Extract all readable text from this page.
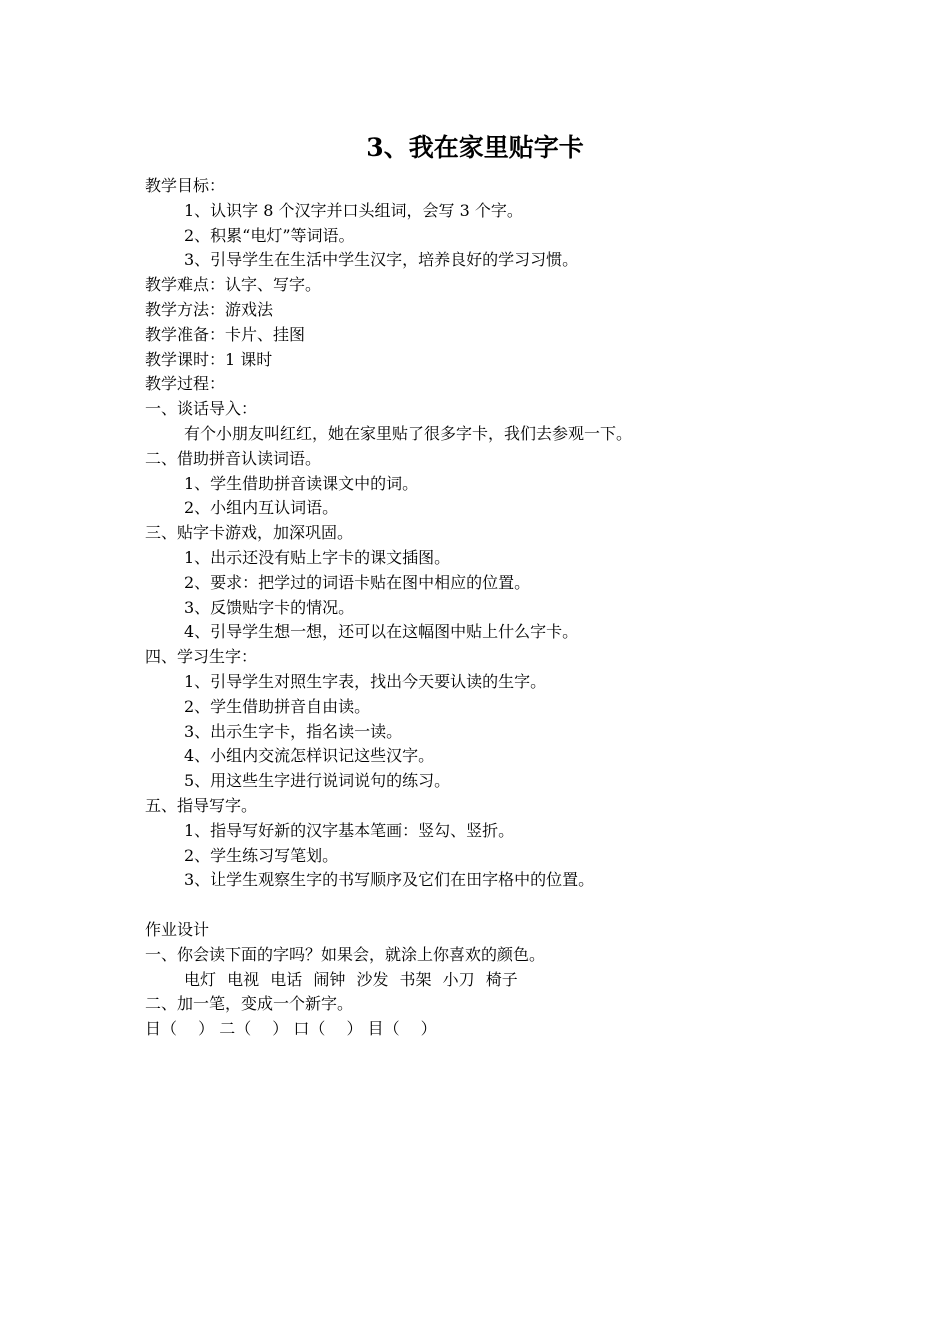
3、我在家里贴字卡
教学目标：
1、认识字 8 个汉字并口头组词，会写 3 个字。
2、积累“电灯”等词语。
3、引导学生在生活中学生汉字，培养良好的学习习惯。
教学难点：认字、写字。
教学方法：游戏法
教学准备：卡片、挂图
教学课时：1 课时
教学过程：
一、谈话导入：
有个小朋友叫红红，她在家里贴了很多字卡，我们去参观一下。
二、借助拼音认读词语。
1、学生借助拼音读课文中的词。
2、小组内互认词语。
三、贴字卡游戏，加深巩固。
1、出示还没有贴上字卡的课文插图。
2、要求：把学过的词语卡贴在图中相应的位置。
3、反馈贴字卡的情况。
4、引导学生想一想，还可以在这幅图中贴上什么字卡。
四、学习生字：
1、引导学生对照生字表，找出今天要认读的生字。
2、学生借助拼音自由读。
3、出示生字卡，指名读一读。
4、小组内交流怎样识记这些汉字。
5、用这些生字进行说词说句的练习。
五、指导写字。
1、指导写好新的汉字基本笔画：竖勾、竖折。
2、学生练习写笔划。
3、让学生观察生字的书写顺序及它们在田字格中的位置。
作业设计
一、你会读下面的字吗？如果会，就涂上你喜欢的颜色。
电灯 电视 电话 闹钟 沙发 书架 小刀 椅子
二、加一笔，变成一个新字。
日（　 ） 二（　 ） 口（　 ） 目（　 ）
